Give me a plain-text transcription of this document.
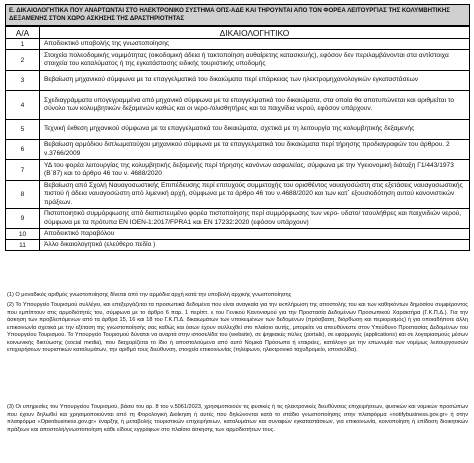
Ε. ΔΙΚΑΙΟΛΟΓΗΤΙΚΑ ΠΟΥ ΑΝΑΡΤΩΝΤΑΙ ΣΤΟ ΗΛΕΚΤΡΟΝΙΚΟ ΣΥΣΤΗΜΑ ΟΠΣ-ΑΔΕ ΚΑΙ ΤΗΡΟΥΝΤΑΙ ΑΠΟ ΤΟΝ ΦΟΡΕΑ ΛΕΙΤΟΥΡΓΙΑΣ ΤΗΣ ΚΟΛΥΜΒΗΤΙΚΗΣ ΔΕΞΑΜΕΝΗΣ ΣΤΟΝ ΧΩΡΟ ΑΣΚΗΣΗΣ ΤΗΣ ΔΡΑΣΤΗΡΙΟΤΗΤΑΣ
Α/Α	ΔΙΚΑΙΟΛΟΓΗΤΙΚΟ
1	Αποδεικτικό υποβολής της γνωστοποίησης
2	Στοιχεία πολεοδομικής νομιμότητας (οικοδομική άδεια ή τακτοποίηση αυθαίρετης κατασκευής), εφόσον δεν περιλαμβάνονται στα αντίστοιχα στοιχεία του καταλύματος ή της εγκατάστασης ειδικής τουριστικής υποδομής
3	Βεβαίωση μηχανικού σύμφωνα με τα επαγγελματικά του δικαιώματα περί επάρκειας των ηλεκτρομηχανολογικών εγκαταστάσεων
4	Σχεδιαγράμματα υπογεγραμμένα από μηχανικό σύμφωνα με τα επαγγελματικά του δικαιώματα, στα οποία θα αποτυπώνεται και αριθμείται το σύνολο των κολυμβητικών δεξαμενών καθώς και οι νερο-/ολισθητήρες και τα παιχνίδια νερού, εφόσον υπάρχουν.
5	Τεχνική έκθεση μηχανικού σύμφωνα με τα επαγγελματικά του δικαιώματα, σχετικά με τη λειτουργία της κολυμβητικής δεξαμενής
6	Βεβαίωση αρμόδιου διπλωματούχου μηχανικού σύμφωνα με τα επαγγελματικά του δικαιώματα περί τήρησης προδιαγραφών του άρθρου. 2 ν.3766/2009
7	ΥΔ του φορέα λειτουργίας της κολυμβητικής δεξαμενής περί τήρησης κανόνων ασφαλείας, σύμφωνα με την Υγειονομική διάταξη Γ1/443/1973 (Β΄87) και το άρθρο 46 του ν. 4688/2020
8	Βεβαίωση από Σχολή Ναυαγοσωστικής Επιπέδευσης περί επιτυχούς συμμετοχής του ορισθέντος ναυαγοσώστη στις εξετάσεις ναυαγοσωστικής πιστού ή άδεια ναυαγοσώστη από λιμενική αρχή, σύμφωνα με το άρθρο 46 του ν.4688/2020 και των κατ΄ εξουσιοδότηση αυτού κανονιστικών πράξεων.
9	Πιστοποιητικό συμμόρφωσης από διαπιστευμένο φορέα πιστοποίησης περί συμμόρφωσης των νερο- υδατο/ τσουλήθρες και παιχνιδιών νερού, σύμφωνα με τα πρότυπα ΕΝ ΙΟΕΝ-1:2017/FPRA1 και ΕΝ 17232:2020 (εφόσον υπάρχουν)
10	Αποδεικτικό παραβόλου
11	Άλλο δικαιολογητικό (ελεύθερο πεδίο )

(1) Ο μοναδικός αριθμός γνωστοποίησης δίνεται από την αρμόδια αρχή κατά την υποβολή αρχικής γνωστοποίησης

(2) Το Υπουργείο Τουρισμού συλλέγει, και επεξεργάζεται τα προσωπικά δεδομένα που είναι αναγκαία για την εκπλήρωση της αποστολής του και των καθηκόντων δημοσίου συμφέροντος που εμπίπτουν στις αρμοδιότητές του, σύμφωνα με το άρθρο 6 παρ. 1 περίπτ. ε του Γενικού Κανονισμού για την Προστασία Δεδομένων Προσωπικού Χαρακτήρα (Γ.Κ.Π.Δ.). Για την άσκηση των προβλεπόμενων από τα άρθρα 15, 16 και 18 του Γ.Κ.Π.Δ. δικαιωμάτων των υποκειμένων των δεδομένων (πρόσβαση, διόρθωση και περιορισμός) ή για οποιαδήποτε άλλη επικοινωνία σχετικά με την εξέταση της γνωστοποίησής σας καθώς και όσων έχουν συλλεχθεί στο πλαίσιο αυτής, μπορείτε να απευθύνεστε στον Υπεύθυνο Προστασίας Δεδομένων του Υπουργείου Τουρισμού. Το Υπουργείο Τουρισμού δύναται να αναρτά στην ιστοσελίδα του (website), σε ψηφιακές πύλες (portals), σε εφαρμογές (applications) και σε λογαριασμούς μέσων κοινωνικής δικτύωσης (social media), που διαχειρίζεται το ίδιο ή αποστολούμενα από αυτό Νομικά Πρόσωπα ή εταιρείες, κατάλογο με την επωνυμία των νομίμως λειτουργουσών επιχειρήσεων τουριστικών καταλυμάτων, την αριθμό τους διεύθυνση, στοιχεία επικοινωνίας (τηλέφωνο, ηλεκτρονικό ταχυδρομείο, ιστοσελίδα).

(3) Οι υπηρεσίες του Υπουργείου Τουρισμού, βάσει του αρ. 8 του ν.5061/2023, χρησιμοποιούν τις φυσικές ή τις ηλεκτρονικές διευθύνσεις επιχειρήσεων, φυσικών και νομικών προσώπων που έχουν δηλωθεί και χρησιμοποιούνται από τη Φορολογική Διοίκηση ή αυτές που δηλώνονται κατά το στάδιο γνωστοποίησης στην πλατφόρμα «notifybusiness.gov.gr» ή στην πλατφόρμα «Openbusiness.gov.gr» έναρξης ή μεταβολής τουριστικών επιχειρήσεων, καταλυμάτων και συναφών εγκαταστάσεων, για επικοινωνία, κοινοποίηση ή επίδοση διοικητικών πράξεων και αποστολή/γνωστοποίηση κάθε είδους εγγράφων στο πλαίσιο άσκησης των αρμοδιοτήτων τους.
